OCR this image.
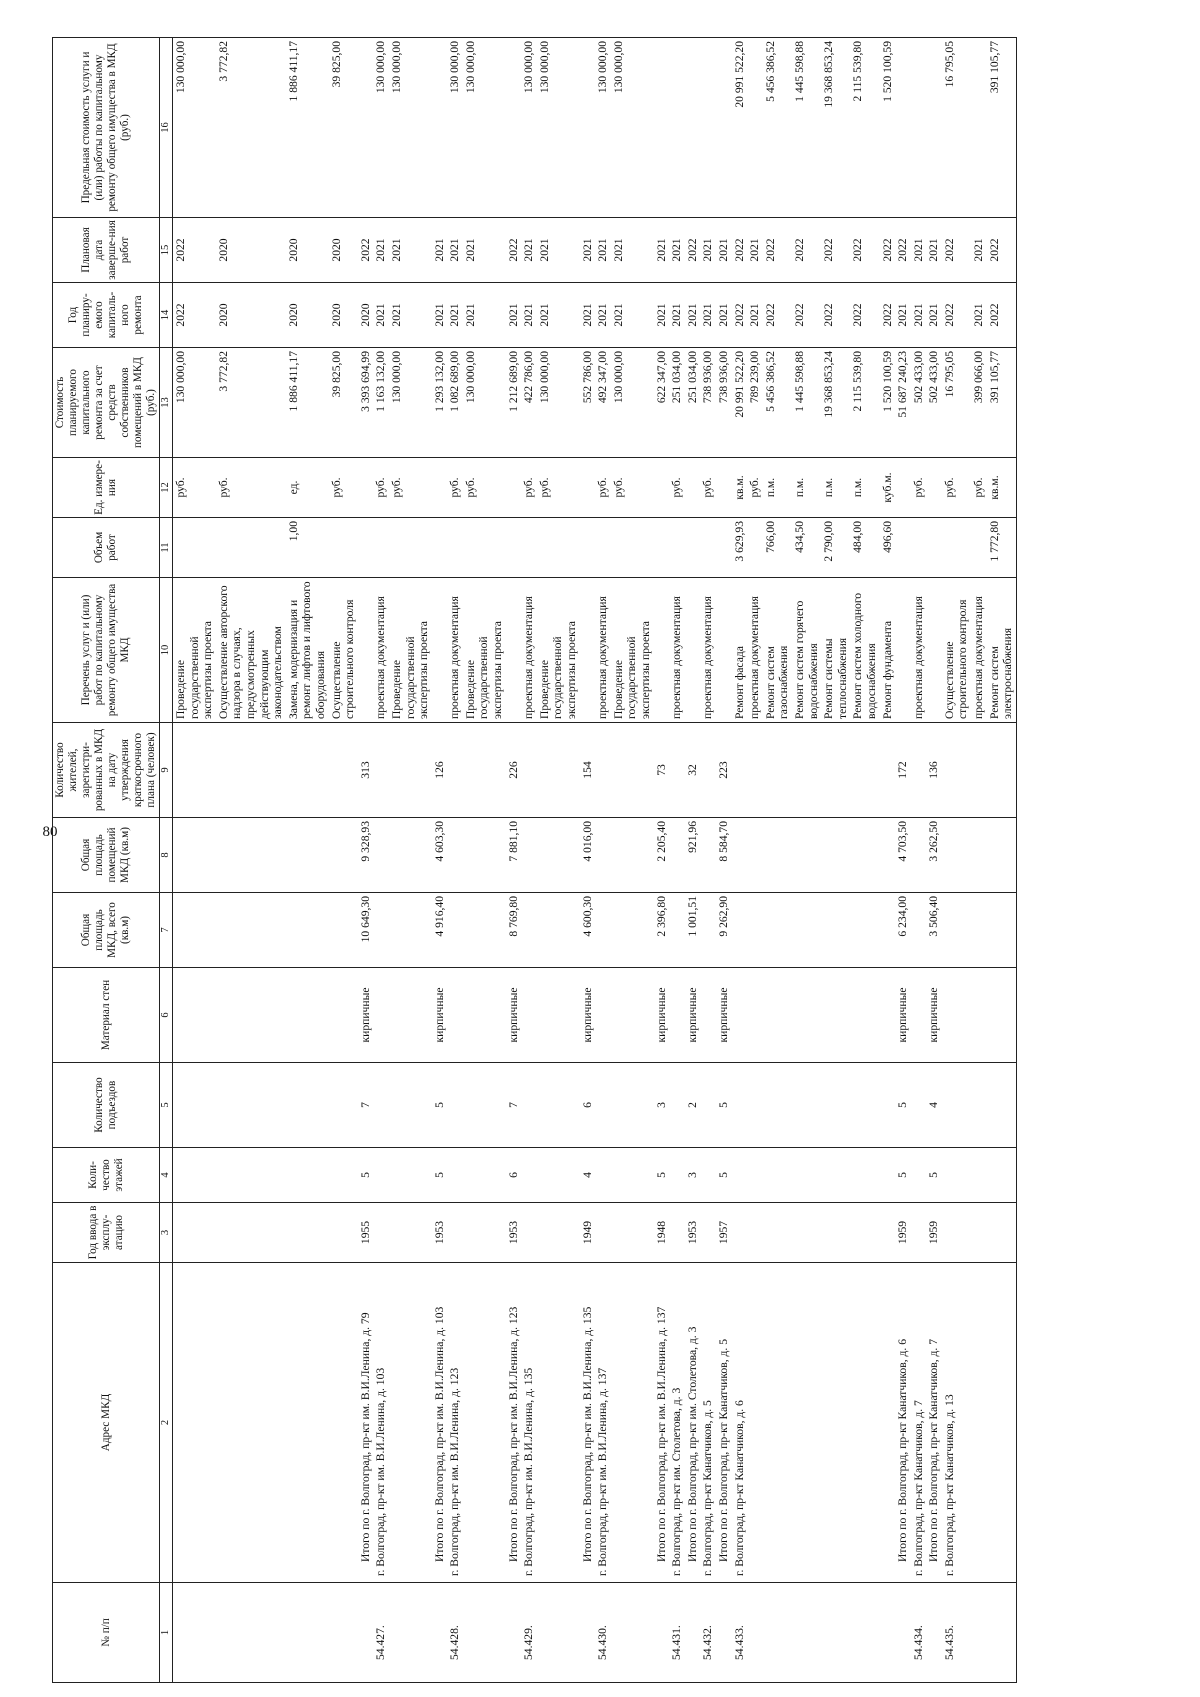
80
№ п/п	Адрес МКД	Год ввода в эксплу-атацию	Коли-чество этажей	Количество подъездов	Материал стен	Общая площадь МКД, всего (кв.м)	Общая площадь помещений МКД (кв.м)	Количество жителей, зарегистри-рованных в МКД на дату утверждения краткосрочного плана (человек)	Перечень услуг и (или) работ по капитальному ремонту общего имущества МКД	Объем работ	Ед. измере-ния	Стоимость планируемого капитального ремонта за счет средств собственников помещений в МКД (руб.)	Год планиру-емого капиталь-ного ремонта	Плановая дата заверше-ния работ	Предельная стоимость услуги и (или) работы по капитальному ремонту общего имущества в МКД (руб.)
1	2	3	4	5	6	7	8	9	10	11	12	13	14	15	16
									Проведение государственной экспертизы проекта		руб.	130 000,00	2022	2022	130 000,00
									Осуществление авторского надзора в случаях, предусмотренных действующим законодательством		руб.	3 772,82	2020	2020	3 772,82
									Замена, модернизация и ремонт лифтов и лифтового оборудования	1,00	ед.	1 886 411,17	2020	2020	1 886 411,17
									Осуществление строительного контроля		руб.	39 825,00	2020	2020	39 825,00
	Итого по г. Волгоград, пр-кт им. В.И.Ленина, д. 79	1955	5	7	кирпичные	10 649,30	9 328,93	313				3 393 694,99	2020	2022	
54.427.	г. Волгоград, пр-кт им. В.И.Ленина, д. 103								проектная документация		руб.	1 163 132,00	2021	2021	130 000,00
									Проведение государственной экспертизы проекта		руб.	130 000,00	2021	2021	130 000,00
	Итого по г. Волгоград, пр-кт им. В.И.Ленина, д. 103	1953	5	5	кирпичные	4 916,40	4 603,30	126				1 293 132,00	2021	2021	
54.428.	г. Волгоград, пр-кт им. В.И.Ленина, д. 123								проектная документация		руб.	1 082 689,00	2021	2021	130 000,00
									Проведение государственной экспертизы проекта		руб.	130 000,00	2021	2021	130 000,00
	Итого по г. Волгоград, пр-кт им. В.И.Ленина, д. 123	1953	6	7	кирпичные	8 769,80	7 881,10	226				1 212 689,00	2021	2022	
54.429.	г. Волгоград, пр-кт им. В.И.Ленина, д. 135								проектная документация		руб.	422 786,00	2021	2021	130 000,00
									Проведение государственной экспертизы проекта		руб.	130 000,00	2021	2021	130 000,00
	Итого по г. Волгоград, пр-кт им. В.И.Ленина, д. 135	1949	4	6	кирпичные	4 600,30	4 016,00	154				552 786,00	2021	2021	
54.430.	г. Волгоград, пр-кт им. В.И.Ленина, д. 137								проектная документация		руб.	492 347,00	2021	2021	130 000,00
									Проведение государственной экспертизы проекта		руб.	130 000,00	2021	2021	130 000,00
	Итого по г. Волгоград, пр-кт им. В.И.Ленина, д. 137	1948	5	3	кирпичные	2 396,80	2 205,40	73				622 347,00	2021	2021	
54.431.	г. Волгоград, пр-кт им. Столетова, д. 3								проектная документация		руб.	251 034,00	2021	2021	
	Итого по г. Волгоград, пр-кт им. Столетова, д. 3	1953	3	2	кирпичные	1 001,51	921,96	32				251 034,00	2021	2022	
54.432.	г. Волгоград, пр-кт Канатчиков, д. 5								проектная документация		руб.	738 936,00	2021	2021	
	Итого по г. Волгоград, пр-кт Канатчиков, д. 5	1957	5	5	кирпичные	9 262,90	8 584,70	223				738 936,00	2021	2021	
54.433.	г. Волгоград, пр-кт Канатчиков, д. 6								Ремонт фасада	3 629,93	кв.м.	20 991 522,20	2022	2022	20 991 522,20
									проектная документация		руб.	789 239,00	2021	2021	
									Ремонт систем газоснабжения	766,00	п.м.	5 456 386,52	2022	2022	5 456 386,52
									Ремонт систем горячего водоснабжения	434,50	п.м.	1 445 598,88	2022	2022	1 445 598,88
									Ремонт системы теплоснабжения	2 790,00	п.м.	19 368 853,24	2022	2022	19 368 853,24
									Ремонт систем холодного водоснабжения	484,00	п.м.	2 115 539,80	2022	2022	2 115 539,80
									Ремонт фундамента	496,60	куб.м.	1 520 100,59	2022	2022	1 520 100,59
	Итого по г. Волгоград, пр-кт Канатчиков, д. 6	1959	5	5	кирпичные	6 234,00	4 703,50	172				51 687 240,23	2021	2022	
54.434.	г. Волгоград, пр-кт Канатчиков, д. 7								проектная документация		руб.	502 433,00	2021	2021	
	Итого по г. Волгоград, пр-кт Канатчиков, д. 7	1959	5	4	кирпичные	3 506,40	3 262,50	136				502 433,00	2021	2021	
54.435.	г. Волгоград, пр-кт Канатчиков, д. 13								Осуществление строительного контроля		руб.	16 795,05	2022	2022	16 795,05
									проектная документация		руб.	399 066,00	2021	2021	
									Ремонт систем электроснабжения	1 772,80	кв.м.	391 105,77	2022	2022	391 105,77
